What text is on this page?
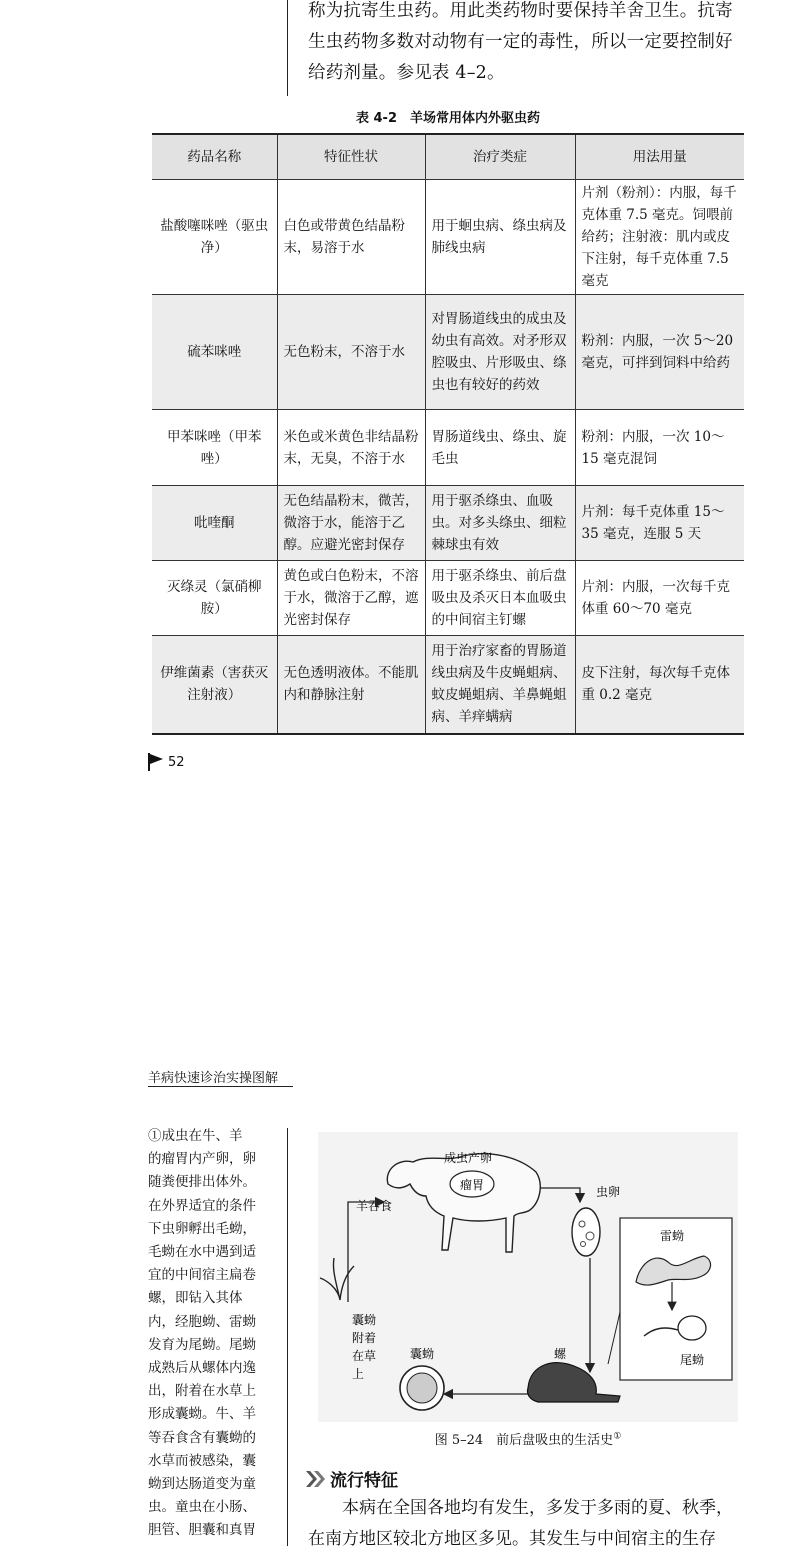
称为抗寄生虫药。用此类药物时要保持羊舍卫生。抗寄
生虫药物多数对动物有一定的毒性，所以一定要控制好
给药剂量。参见表 4–2。
表 4-2　羊场常用体内外驱虫药
药品名称	特征性状	治疗类症	用法用量
盐酸噻咪唑（驱虫净）	白色或带黄色结晶粉末，易溶于水	用于蛔虫病、绦虫病及肺线虫病	片剂（粉剂）：内服，每千克体重 7.5 毫克。饲喂前给药；注射液：肌内或皮下注射，每千克体重 7.5 毫克
硫苯咪唑	无色粉末，不溶于水	对胃肠道线虫的成虫及幼虫有高效。对矛形双腔吸虫、片形吸虫、绦虫也有较好的药效	粉剂：内服，一次 5～20 毫克，可拌到饲料中给药
甲苯咪唑（甲苯唑）	米色或米黄色非结晶粉末，无臭，不溶于水	胃肠道线虫、绦虫、旋毛虫	粉剂：内服，一次 10～15 毫克混饲
吡喹酮	无色结晶粉末，微苦，微溶于水，能溶于乙醇。应避光密封保存	用于驱杀绦虫、血吸虫。对多头绦虫、细粒棘球虫有效	片剂：每千克体重 15～35 毫克，连服 5 天
灭绦灵（氯硝柳胺）	黄色或白色粉末，不溶于水，微溶于乙醇，遮光密封保存	用于驱杀绦虫、前后盘吸虫及杀灭日本血吸虫的中间宿主钉螺	片剂：内服，一次每千克体重 60～70 毫克
伊维菌素（害获灭注射液）	无色透明液体。不能肌内和静脉注射	用于治疗家畜的胃肠道线虫病及牛皮蝇蛆病、蚊皮蝇蛆病、羊鼻蝇蛆病、羊痒螨病	皮下注射，每次每千克体重 0.2 毫克
52
羊病快速诊治实操图解
①成虫在牛、羊
的瘤胃内产卵，卵
随粪便排出体外。
在外界适宜的条件
下虫卵孵出毛蚴，
毛蚴在水中遇到适
宜的中间宿主扁卷
螺，即钻入其体
内，经胞蚴、雷蚴
发育为尾蚴。尾蚴
成熟后从螺体内逸
出，附着在水草上
形成囊蚴。牛、羊
等吞食含有囊蚴的
水草而被感染，囊
蚴到达肠道变为童
虫。童虫在小肠、
胆管、胆囊和真胃
成虫产卵
瘤胃
羊吞食
虫卵
雷蚴
尾蚴
螺
囊蚴
囊蚴
附着
在草
上
图 5–24　前后盘吸虫的生活史①
流行特征
本病在全国各地均有发生，多发于多雨的夏、秋季，
在南方地区较北方地区多见。其发生与中间宿主的生存
